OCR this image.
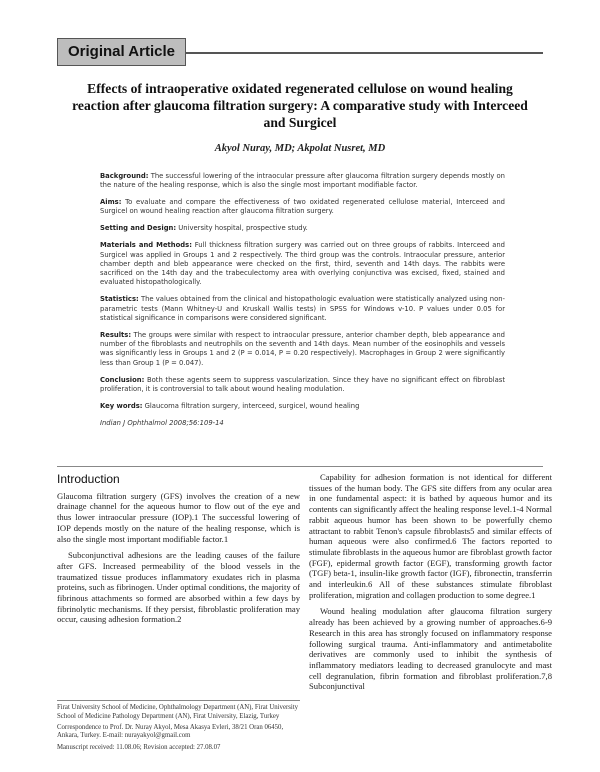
Original Article
Effects of intraoperative oxidated regenerated cellulose on wound healing reaction after glaucoma filtration surgery: A comparative study with Interceed and Surgicel
Akyol Nuray, MD; Akpolat Nusret, MD

Background: The successful lowering of the intraocular pressure after glaucoma filtration surgery depends mostly on the nature of the healing response, which is also the single most important modifiable factor.

Aims: To evaluate and compare the effectiveness of two oxidated regenerated cellulose material, Interceed and Surgicel on wound healing reaction after glaucoma filtration surgery.

Setting and Design: University hospital, prospective study.

Materials and Methods: Full thickness filtration surgery was carried out on three groups of rabbits. Interceed and Surgicel was applied in Groups 1 and 2 respectively. The third group was the controls. Intraocular pressure, anterior chamber depth and bleb appearance were checked on the first, third, seventh and 14th days. The rabbits were sacrificed on the 14th day and the trabeculectomy area with overlying conjunctiva was excised, fixed, stained and evaluated histopathologically.

Statistics: The values obtained from the clinical and histopathologic evaluation were statistically analyzed using non-parametric tests (Mann Whitney-U and Kruskall Wallis tests) in SPSS for Windows v-10. P values under 0.05 for statistical significance in comparisons were considered significant.

Results: The groups were similar with respect to intraocular pressure, anterior chamber depth, bleb appearance and number of the fibroblasts and neutrophils on the seventh and 14th days. Mean number of the eosinophils and vessels was significantly less in Groups 1 and 2 (P = 0.014, P = 0.20 respectively). Macrophages in Group 2 were significantly less than Group 1 (P = 0.047).

Conclusion: Both these agents seem to suppress vascularization. Since they have no significant effect on fibroblast proliferation, it is controversial to talk about wound healing modulation.

Key words: Glaucoma filtration surgery, interceed, surgicel, wound healing

Indian J Ophthalmol 2008;56:109-14
Introduction

Glaucoma filtration surgery (GFS) involves the creation of a new drainage channel for the aqueous humor to flow out of the eye and thus lower intraocular pressure (IOP).1 The successful lowering of IOP depends mostly on the nature of the healing response, which is also the single most important modifiable factor.1

Subconjunctival adhesions are the leading causes of the failure after GFS. Increased permeability of the blood vessels in the traumatized tissue produces inflammatory exudates rich in plasma proteins, such as fibrinogen. Under optimal conditions, the majority of fibrinous attachments so formed are absorbed within a few days by fibrinolytic mechanisms. If they persist, fibroblastic proliferation may occur, causing adhesion formation.2

Firat University School of Medicine, Ophthalmology Department (AN), Firat University School of Medicine Pathology Department (AN), Firat University, Elazig, Turkey
Correspondence to Prof. Dr. Nuray Akyol, Mesa Akasya Evleri, 38/21 Oran 06450, Ankara, Turkey. E-mail: nurayakyol@gmail.com
Manuscript received: 11.08.06; Revision accepted: 27.08.07

Capability for adhesion formation is not identical for different tissues of the human body. The GFS site differs from any ocular area in one fundamental aspect: it is bathed by aqueous humor and its contents can significantly affect the healing response level.1-4 Normal rabbit aqueous humor has been shown to be powerfully chemo attractant to rabbit Tenon's capsule fibroblasts5 and similar effects of human aqueous were also confirmed.6 The factors reported to stimulate fibroblasts in the aqueous humor are fibroblast growth factor (FGF), epidermal growth factor (EGF), transforming growth factor (TGF) beta-1, insulin-like growth factor (IGF), fibronectin, transferrin and interleukin.6 All of these substances stimulate fibroblast proliferation, migration and collagen production to some degree.1

Wound healing modulation after glaucoma filtration surgery already has been achieved by a growing number of approaches.6-9 Research in this area has strongly focused on inflammatory response following surgical trauma. Anti-inflammatory and antimetabolite derivatives are commonly used to inhibit the synthesis of inflammatory mediators leading to decreased granulocyte and mast cell degranulation, fibrin formation and fibroblast proliferation.7,8 Subconjunctival
